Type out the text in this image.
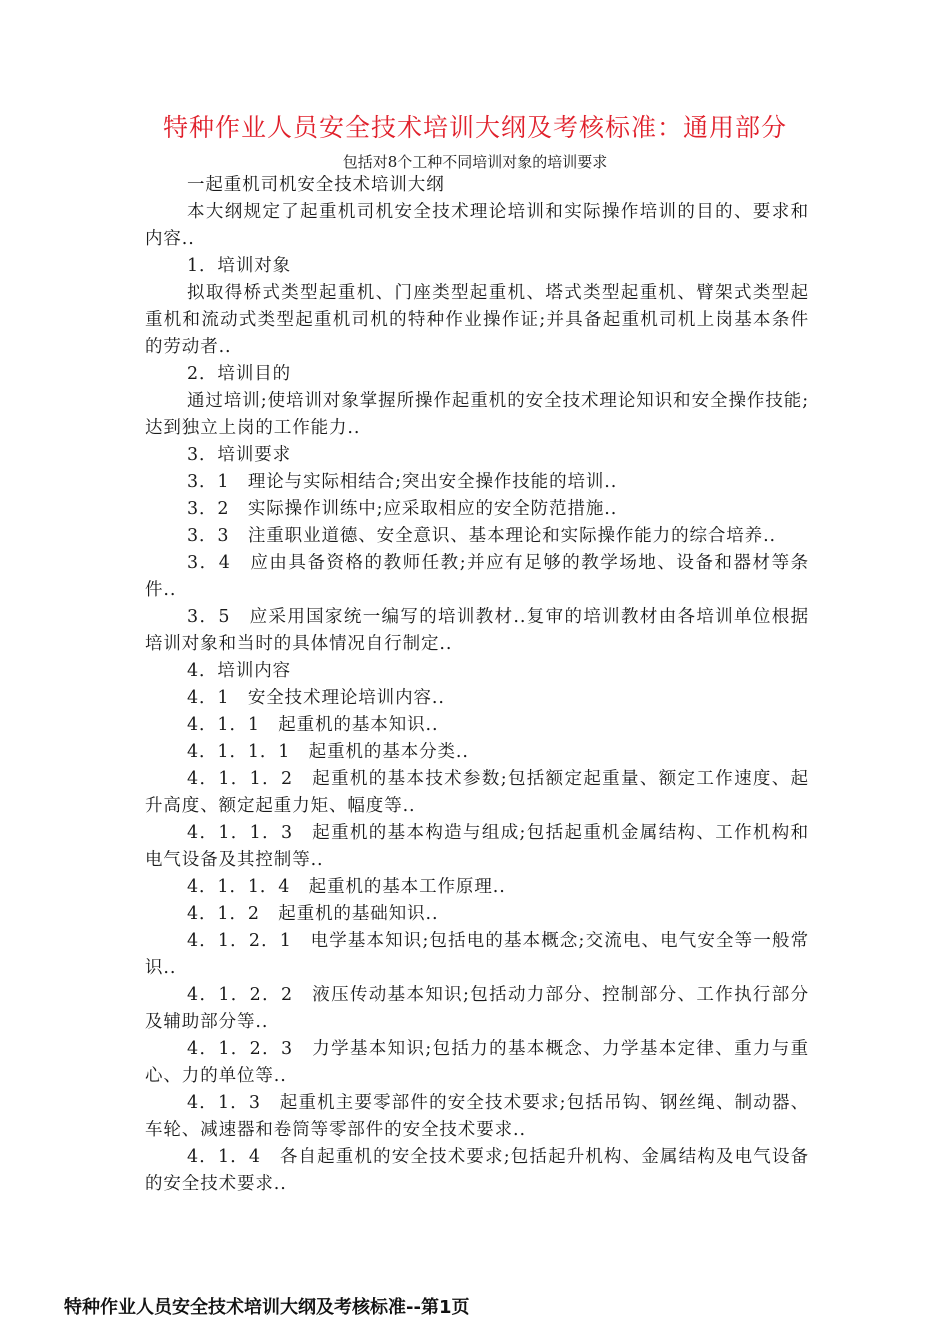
特种作业人员安全技术培训大纲及考核标准：通用部分

包括对8个工种不同培训对象的培训要求

一起重机司机安全技术培训大纲

本大纲规定了起重机司机安全技术理论培训和实际操作培训的目的、要求和内容..

1．培训对象

拟取得桥式类型起重机、门座类型起重机、塔式类型起重机、臂架式类型起重机和流动式类型起重机司机的特种作业操作证;并具备起重机司机上岗基本条件的劳动者..

2．培训目的

通过培训;使培训对象掌握所操作起重机的安全技术理论知识和安全操作技能;达到独立上岗的工作能力..

3．培训要求

3．1　理论与实际相结合;突出安全操作技能的培训..

3．2　实际操作训练中;应采取相应的安全防范措施..

3．3　注重职业道德、安全意识、基本理论和实际操作能力的综合培养..

3．4　应由具备资格的教师任教;并应有足够的教学场地、设备和器材等条件..

3．5　应采用国家统一编写的培训教材..复审的培训教材由各培训单位根据培训对象和当时的具体情况自行制定..

4．培训内容

4．1　安全技术理论培训内容..

4．1．1　起重机的基本知识..

4．1．1．1　起重机的基本分类..

4．1．1．2　起重机的基本技术参数;包括额定起重量、额定工作速度、起升高度、额定起重力矩、幅度等..

4．1．1．3　起重机的基本构造与组成;包括起重机金属结构、工作机构和电气设备及其控制等..

4．1．1．4　起重机的基本工作原理..

4．1．2　起重机的基础知识..

4．1．2．1　电学基本知识;包括电的基本概念;交流电、电气安全等一般常识..

4．1．2．2　液压传动基本知识;包括动力部分、控制部分、工作执行部分及辅助部分等..

4．1．2．3　力学基本知识;包括力的基本概念、力学基本定律、重力与重心、力的单位等..

4．1．3　起重机主要零部件的安全技术要求;包括吊钩、钢丝绳、制动器、车轮、减速器和卷筒等零部件的安全技术要求..

4．1．4　各自起重机的安全技术要求;包括起升机构、金属结构及电气设备的安全技术要求..

特种作业人员安全技术培训大纲及考核标准--第1页
